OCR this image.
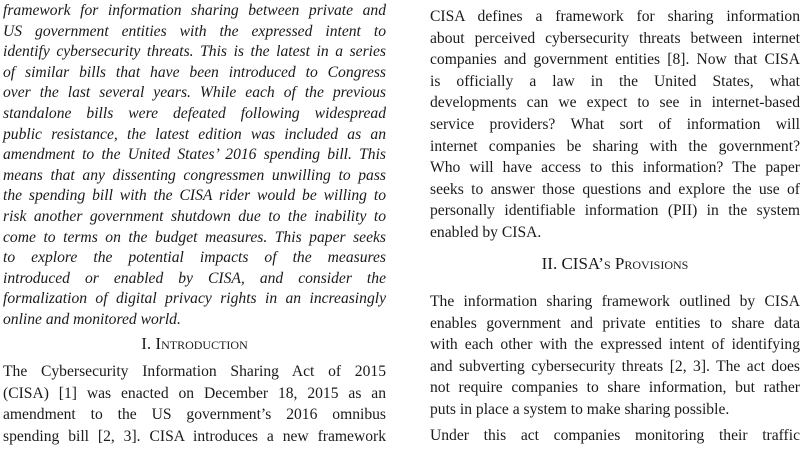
framework for information sharing between private and
US government entities with the expressed intent to
identify cybersecurity threats. This is the latest in a series
of similar bills that have been introduced to Congress
over the last several years. While each of the previous
standalone bills were defeated following widespread
public resistance, the latest edition was included as an
amendment to the United States’ 2016 spending bill. This
means that any dissenting congressmen unwilling to pass
the spending bill with the CISA rider would be willing to
risk another government shutdown due to the inability to
come to terms on the budget measures. This paper seeks
to explore the potential impacts of the measures
introduced or enabled by CISA, and consider the
formalization of digital privacy rights in an increasingly
online and monitored world.
I. Introduction
The Cybersecurity Information Sharing Act of 2015
(CISA) [1] was enacted on December 18, 2015 as an
amendment to the US government’s 2016 omnibus
spending bill [2, 3]. CISA introduces a new framework
CISA defines a framework for sharing information
about perceived cybersecurity threats between internet
companies and government entities [8]. Now that CISA
is officially a law in the United States, what
developments can we expect to see in internet-based
service providers? What sort of information will
internet companies be sharing with the government?
Who will have access to this information? The paper
seeks to answer those questions and explore the use of
personally identifiable information (PII) in the system
enabled by CISA.
II. CISA’s Provisions
The information sharing framework outlined by CISA
enables government and private entities to share data
with each other with the expressed intent of identifying
and subverting cybersecurity threats [2, 3]. The act does
not require companies to share information, but rather
puts in place a system to make sharing possible.
Under this act companies monitoring their traffic
